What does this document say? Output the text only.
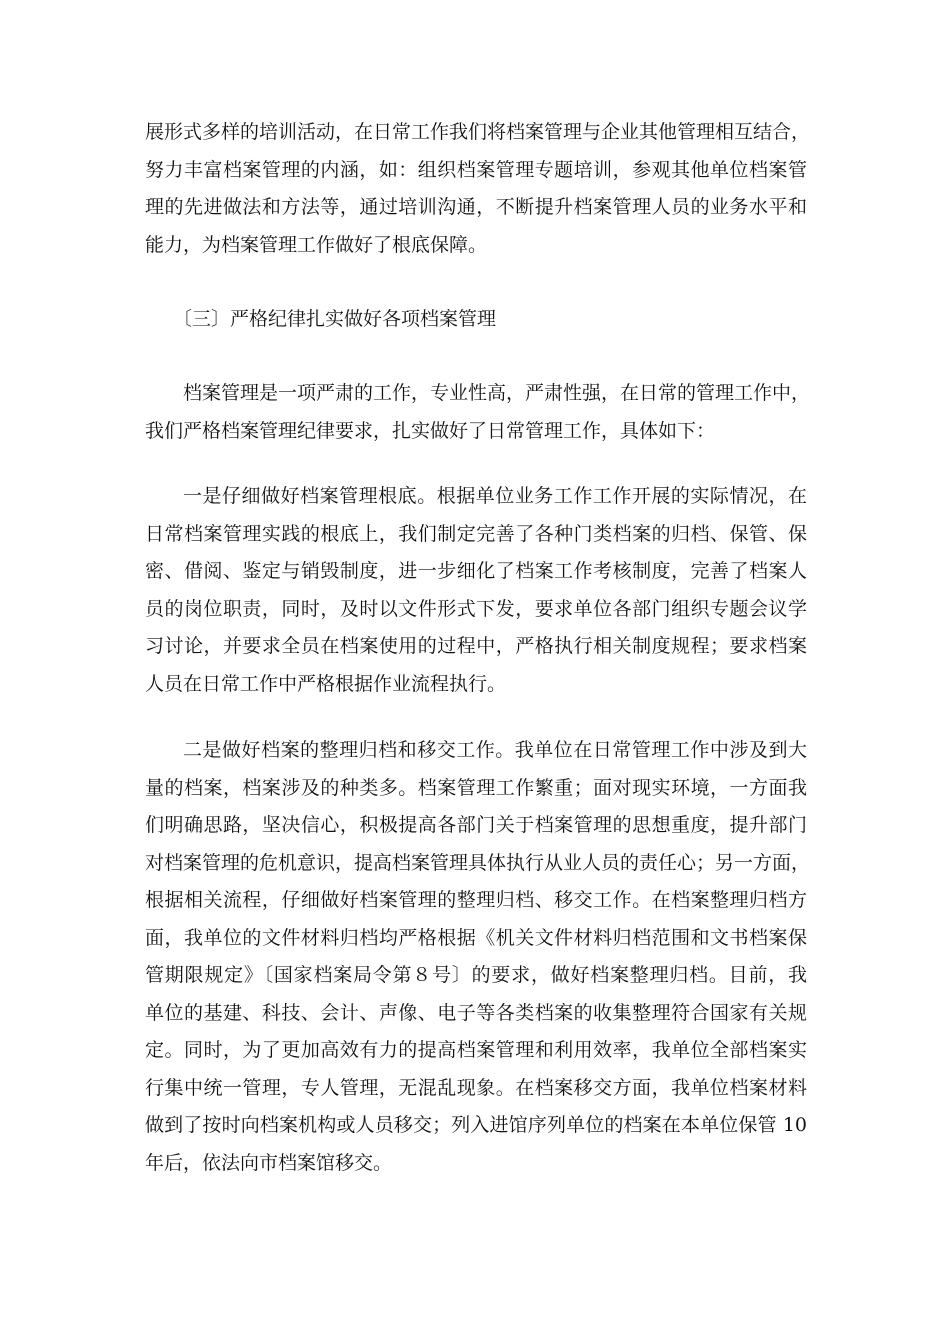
展形式多样的培训活动，在日常工作我们将档案管理与企业其他管理相互结合，
努力丰富档案管理的内涵，如：组织档案管理专题培训，参观其他单位档案管
理的先进做法和方法等，通过培训沟通，不断提升档案管理人员的业务水平和
能力，为档案管理工作做好了根底保障。
〔三〕严格纪律扎实做好各项档案管理
档案管理是一项严肃的工作，专业性高，严肃性强，在日常的管理工作中，
我们严格档案管理纪律要求，扎实做好了日常管理工作，具体如下：
一是仔细做好档案管理根底。根据单位业务工作工作开展的实际情况，在
日常档案管理实践的根底上，我们制定完善了各种门类档案的归档、保管、保
密、借阅、鉴定与销毁制度，进一步细化了档案工作考核制度，完善了档案人
员的岗位职责，同时，及时以文件形式下发，要求单位各部门组织专题会议学
习讨论，并要求全员在档案使用的过程中，严格执行相关制度规程；要求档案
人员在日常工作中严格根据作业流程执行。
二是做好档案的整理归档和移交工作。我单位在日常管理工作中涉及到大
量的档案，档案涉及的种类多。档案管理工作繁重；面对现实环境，一方面我
们明确思路，坚决信心，积极提高各部门关于档案管理的思想重度，提升部门
对档案管理的危机意识，提高档案管理具体执行从业人员的责任心；另一方面，
根据相关流程，仔细做好档案管理的整理归档、移交工作。在档案整理归档方
面，我单位的文件材料归档均严格根据《机关文件材料归档范围和文书档案保
管期限规定》〔国家档案局令第８号〕的要求，做好档案整理归档。目前，我
单位的基建、科技、会计、声像、电子等各类档案的收集整理符合国家有关规
定。同时，为了更加高效有力的提高档案管理和利用效率，我单位全部档案实
行集中统一管理，专人管理，无混乱现象。在档案移交方面，我单位档案材料
做到了按时向档案机构或人员移交；列入进馆序列单位的档案在本单位保管 10
年后，依法向市档案馆移交。
